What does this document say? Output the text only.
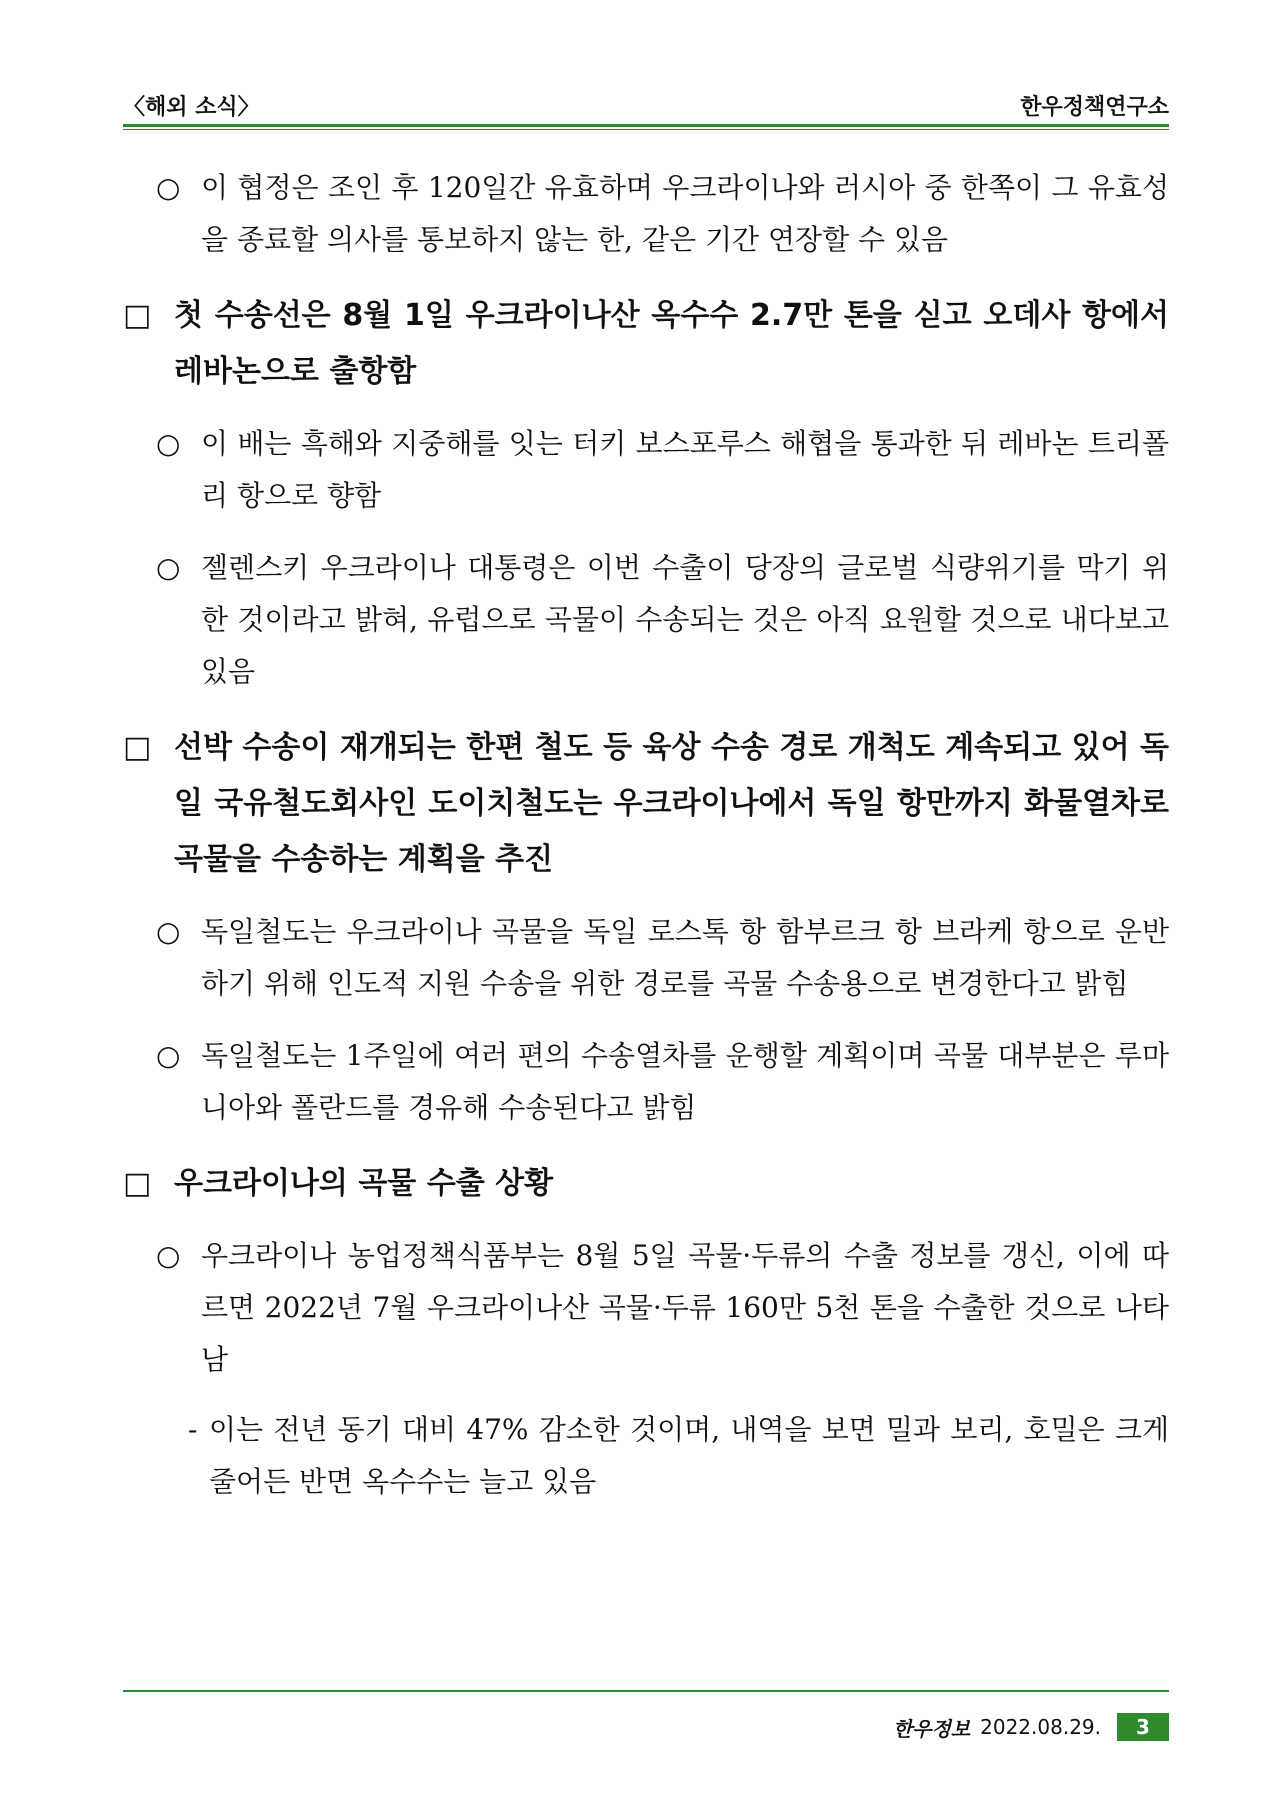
〈해외 소식〉	한우정책연구소

○ 이 협정은 조인 후 120일간 유효하며 우크라이나와 러시아 중 한쪽이 그 유효성을 종료할 의사를 통보하지 않는 한, 같은 기간 연장할 수 있음

□ 첫 수송선은 8월 1일 우크라이나산 옥수수 2.7만 톤을 싣고 오데사 항에서 레바논으로 출항함

○ 이 배는 흑해와 지중해를 잇는 터키 보스포루스 해협을 통과한 뒤 레바논 트리폴리 항으로 향함

○ 젤렌스키 우크라이나 대통령은 이번 수출이 당장의 글로벌 식량위기를 막기 위한 것이라고 밝혀, 유럽으로 곡물이 수송되는 것은 아직 요원할 것으로 내다보고 있음

□ 선박 수송이 재개되는 한편 철도 등 육상 수송 경로 개척도 계속되고 있어 독일 국유철도회사인 도이치철도는 우크라이나에서 독일 항만까지 화물열차로 곡물을 수송하는 계획을 추진

○ 독일철도는 우크라이나 곡물을 독일 로스톡 항 함부르크 항 브라케 항으로 운반하기 위해 인도적 지원 수송을 위한 경로를 곡물 수송용으로 변경한다고 밝힘

○ 독일철도는 1주일에 여러 편의 수송열차를 운행할 계획이며 곡물 대부분은 루마니아와 폴란드를 경유해 수송된다고 밝힘

□ 우크라이나의 곡물 수출 상황

○ 우크라이나 농업정책식품부는 8월 5일 곡물·두류의 수출 정보를 갱신, 이에 따르면 2022년 7월 우크라이나산 곡물·두류 160만 5천 톤을 수출한 것으로 나타남

- 이는 전년 동기 대비 47% 감소한 것이며, 내역을 보면 밀과 보리, 호밀은 크게 줄어든 반면 옥수수는 늘고 있음

한우정보 2022.08.29.	3
